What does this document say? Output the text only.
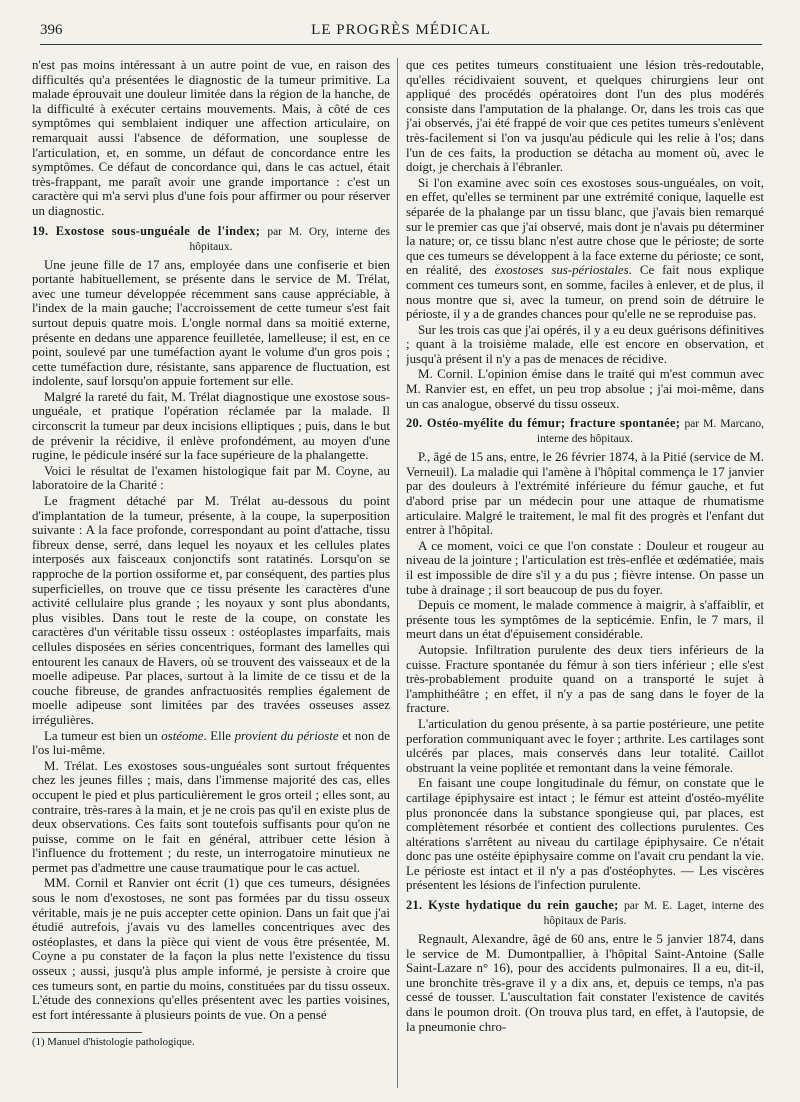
396	LE PROGRÈS MÉDICAL

n'est pas moins intéressant à un autre point de vue, en raison des difficultés qu'a présentées le diagnostic de la tumeur primitive. La malade éprouvait une douleur limitée dans la région de la hanche, de la difficulté à exécuter certains mouvements. Mais, à côté de ces symptômes qui semblaient indiquer une affection articulaire, on remarquait aussi l'absence de déformation, une souplesse de l'articulation, et, en somme, un défaut de concordance entre les symptômes. Ce défaut de concordance qui, dans le cas actuel, était très-frappant, me paraît avoir une grande importance : c'est un caractère qui m'a servi plus d'une fois pour affirmer ou pour réserver un diagnostic.

19. Exostose sous-unguéale de l'index; par M. Ory, interne des hôpitaux.

Une jeune fille de 17 ans, employée dans une confiserie et bien portante habituellement, se présente dans le service de M. Trélat, avec une tumeur développée récemment sans cause appréciable, à l'index de la main gauche; l'accroissement de cette tumeur s'est fait surtout depuis quatre mois. L'ongle normal dans sa moitié externe, présente en dedans une apparence feuilletée, lamelleuse; il est, en ce point, soulevé par une tuméfaction ayant le volume d'un gros pois ; cette tuméfaction dure, résistante, sans apparence de fluctuation, est indolente, sauf lorsqu'on appuie fortement sur elle.

Malgré la rareté du fait, M. Trélat diagnostique une exostose sous-unguéale, et pratique l'opération réclamée par la malade. Il circonscrit la tumeur par deux incisions elliptiques ; puis, dans le but de prévenir la récidive, il enlève profondément, au moyen d'une rugine, le pédicule inséré sur la face supérieure de la phalangette.

Voici le résultat de l'examen histologique fait par M. Coyne, au laboratoire de la Charité :

Le fragment détaché par M. Trélat au-dessous du point d'implantation de la tumeur, présente, à la coupe, la superposition suivante : A la face profonde, correspondant au point d'attache, tissu fibreux dense, serré, dans lequel les noyaux et les cellules plates interposés aux faisceaux conjonctifs sont ratatinés. Lorsqu'on se rapproche de la portion ossiforme et, par conséquent, des parties plus superficielles, on trouve que ce tissu présente les caractères d'une activité cellulaire plus grande ; les noyaux y sont plus abondants, plus visibles. Dans tout le reste de la coupe, on constate les caractères d'un véritable tissu osseux : ostéoplastes imparfaits, mais cellules disposées en séries concentriques, formant des lamelles qui entourent les canaux de Havers, où se trouvent des vaisseaux et de la moelle adipeuse. Par places, surtout à la limite de ce tissu et de la couche fibreuse, de grandes anfractuosités remplies également de moelle adipeuse sont limitées par des travées osseuses assez irrégulières.

La tumeur est bien un ostéome. Elle provient du périoste et non de l'os lui-même.

M. Trélat. Les exostoses sous-unguéales sont surtout fréquentes chez les jeunes filles ; mais, dans l'immense majorité des cas, elles occupent le pied et plus particulièrement le gros orteil ; elles sont, au contraire, très-rares à la main, et je ne crois pas qu'il en existe plus de deux observations. Ces faits sont toutefois suffisants pour qu'on ne puisse, comme on le fait en général, attribuer cette lésion à l'influence du frottement ; du reste, un interrogatoire minutieux ne permet pas d'admettre une cause traumatique pour le cas actuel.

MM. Cornil et Ranvier ont écrit (1) que ces tumeurs, désignées sous le nom d'exostoses, ne sont pas formées par du tissu osseux véritable, mais je ne puis accepter cette opinion. Dans un fait que j'ai étudié autrefois, j'avais vu des lamelles concentriques avec des ostéoplastes, et dans la pièce qui vient de vous être présentée, M. Coyne a pu constater de la façon la plus nette l'existence du tissu osseux ; aussi, jusqu'à plus ample informé, je persiste à croire que ces tumeurs sont, en partie du moins, constituées par du tissu osseux. L'étude des connexions qu'elles présentent avec les parties voisines, est fort intéressante à plusieurs points de vue. On a pensé

(1) Manuel d'histologie pathologique.

que ces petites tumeurs constituaient une lésion très-redoutable, qu'elles récidivaient souvent, et quelques chirurgiens leur ont appliqué des procédés opératoires dont l'un des plus modérés consiste dans l'amputation de la phalange. Or, dans les trois cas que j'ai observés, j'ai été frappé de voir que ces petites tumeurs s'enlèvent très-facilement si l'on va jusqu'au pédicule qui les relie à l'os; dans l'un de ces faits, la production se détacha au moment où, avec le doigt, je cherchais à l'ébranler.

Si l'on examine avec soin ces exostoses sous-unguéales, on voit, en effet, qu'elles se terminent par une extrémité conique, laquelle est séparée de la phalange par un tissu blanc, que j'avais bien remarqué sur le premier cas que j'ai observé, mais dont je n'avais pu déterminer la nature; or, ce tissu blanc n'est autre chose que le périoste; de sorte que ces tumeurs se développent à la face externe du périoste; ce sont, en réalité, des exostoses sus-périostales. Ce fait nous explique comment ces tumeurs sont, en somme, faciles à enlever, et de plus, il nous montre que si, avec la tumeur, on prend soin de détruire le périoste, il y a de grandes chances pour qu'elle ne se reproduise pas.

Sur les trois cas que j'ai opérés, il y a eu deux guérisons définitives ; quant à la troisième malade, elle est encore en observation, et jusqu'à présent il n'y a pas de menaces de récidive.

M. Cornil. L'opinion émise dans le traité qui m'est commun avec M. Ranvier est, en effet, un peu trop absolue ; j'ai moi-même, dans un cas analogue, observé du tissu osseux.

20. Ostéo-myélite du fémur; fracture spontanée; par M. Marcano, interne des hôpitaux.

P., âgé de 15 ans, entre, le 26 février 1874, à la Pitié (service de M. Verneuil). La maladie qui l'amène à l'hôpital commença le 17 janvier par des douleurs à l'extrémité inférieure du fémur gauche, et fut d'abord prise par un médecin pour une attaque de rhumatisme articulaire. Malgré le traitement, le mal fit des progrès et l'enfant dut entrer à l'hôpital.

A ce moment, voici ce que l'on constate : Douleur et rougeur au niveau de la jointure ; l'articulation est très-enflée et œdématiée, mais il est impossible de dire s'il y a du pus ; fièvre intense. On passe un tube à drainage ; il sort beaucoup de pus du foyer.

Depuis ce moment, le malade commence à maigrir, à s'affaiblir, et présente tous les symptômes de la septicémie. Enfin, le 7 mars, il meurt dans un état d'épuisement considérable.

Autopsie. Infiltration purulente des deux tiers inférieurs de la cuisse. Fracture spontanée du fémur à son tiers inférieur ; elle s'est très-probablement produite quand on a transporté le sujet à l'amphithéâtre ; en effet, il n'y a pas de sang dans le foyer de la fracture.

L'articulation du genou présente, à sa partie postérieure, une petite perforation communiquant avec le foyer ; arthrite. Les cartilages sont ulcérés par places, mais conservés dans leur totalité. Caillot obstruant la veine poplitée et remontant dans la veine fémorale.

En faisant une coupe longitudinale du fémur, on constate que le cartilage épiphysaire est intact ; le fémur est atteint d'ostéo-myélite plus prononcée dans la substance spongieuse qui, par places, est complètement résorbée et contient des collections purulentes. Ces altérations s'arrêtent au niveau du cartilage épiphysaire. Ce n'était donc pas une ostéite épiphysaire comme on l'avait cru pendant la vie. Le périoste est intact et il n'y a pas d'ostéophytes. — Les viscères présentent les lésions de l'infection purulente.

21. Kyste hydatique du rein gauche; par M. E. Laget, interne des hôpitaux de Paris.

Regnault, Alexandre, âgé de 60 ans, entre le 5 janvier 1874, dans le service de M. Dumontpallier, à l'hôpital Saint-Antoine (Salle Saint-Lazare n° 16), pour des accidents pulmonaires. Il a eu, dit-il, une bronchite très-grave il y a dix ans, et, depuis ce temps, n'a pas cessé de tousser. L'auscultation fait constater l'existence de cavités dans le poumon droit. (On trouva plus tard, en effet, à l'autopsie, de la pneumonie chro-
